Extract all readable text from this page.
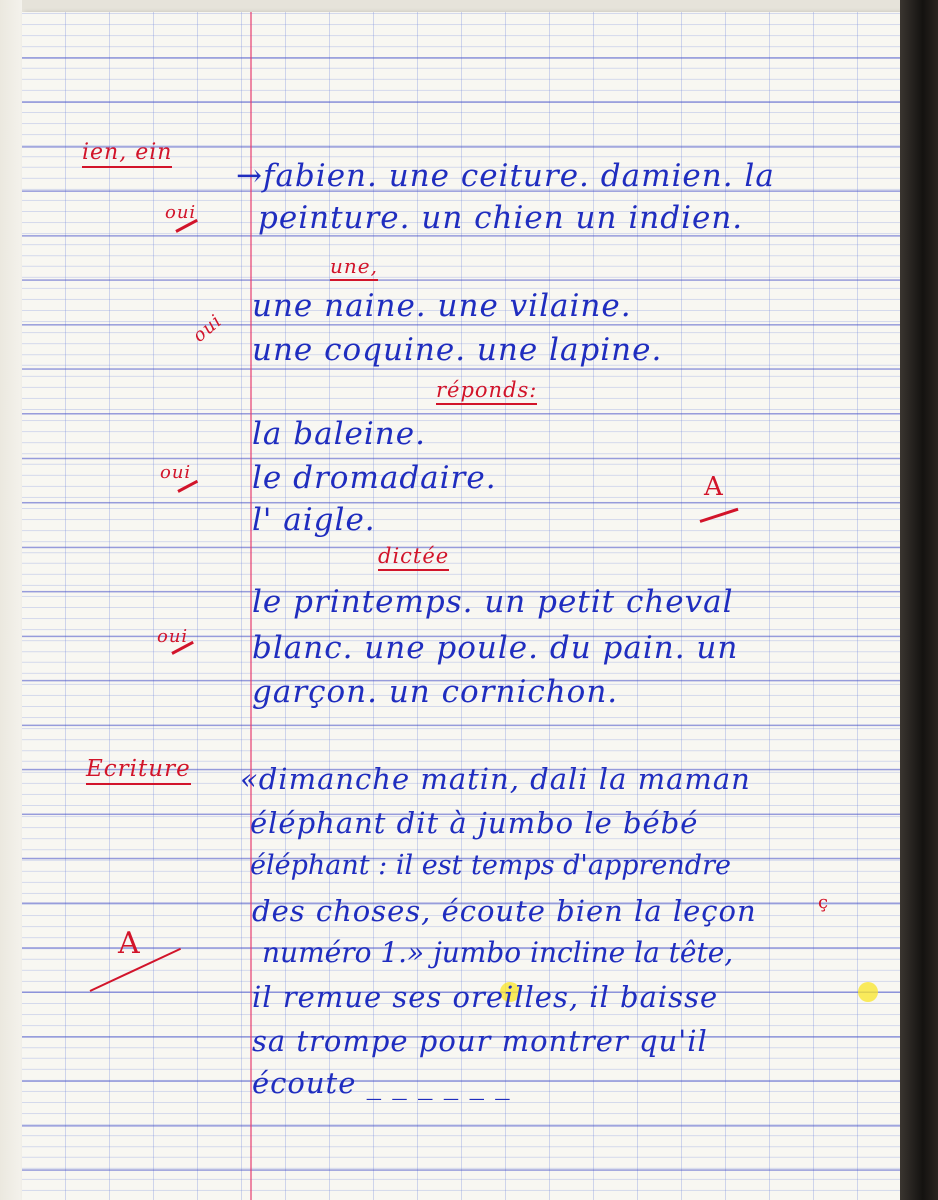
ien, ein
oui
oui
oui
oui
Ecriture
A
→fabien. une ceiture. damien. la
peinture. un chien un indien.
une,
une naine. une vilaine.
une coquine. une lapine.
réponds:
la baleine.
le dromadaire.
l' aigle.
A
dictée
le printemps. un petit cheval
blanc. une poule. du pain. un
garçon. un cornichon.
«dimanche matin, dali la maman
éléphant dit à jumbo le bébé
éléphant : il est temps d'apprendre
des choses, écoute bien la leçon	ç
numéro 1.» jumbo incline la tête,
il remue ses oreilles, il baisse
sa trompe pour montrer qu'il
écoute _ _ _ _ _ _
